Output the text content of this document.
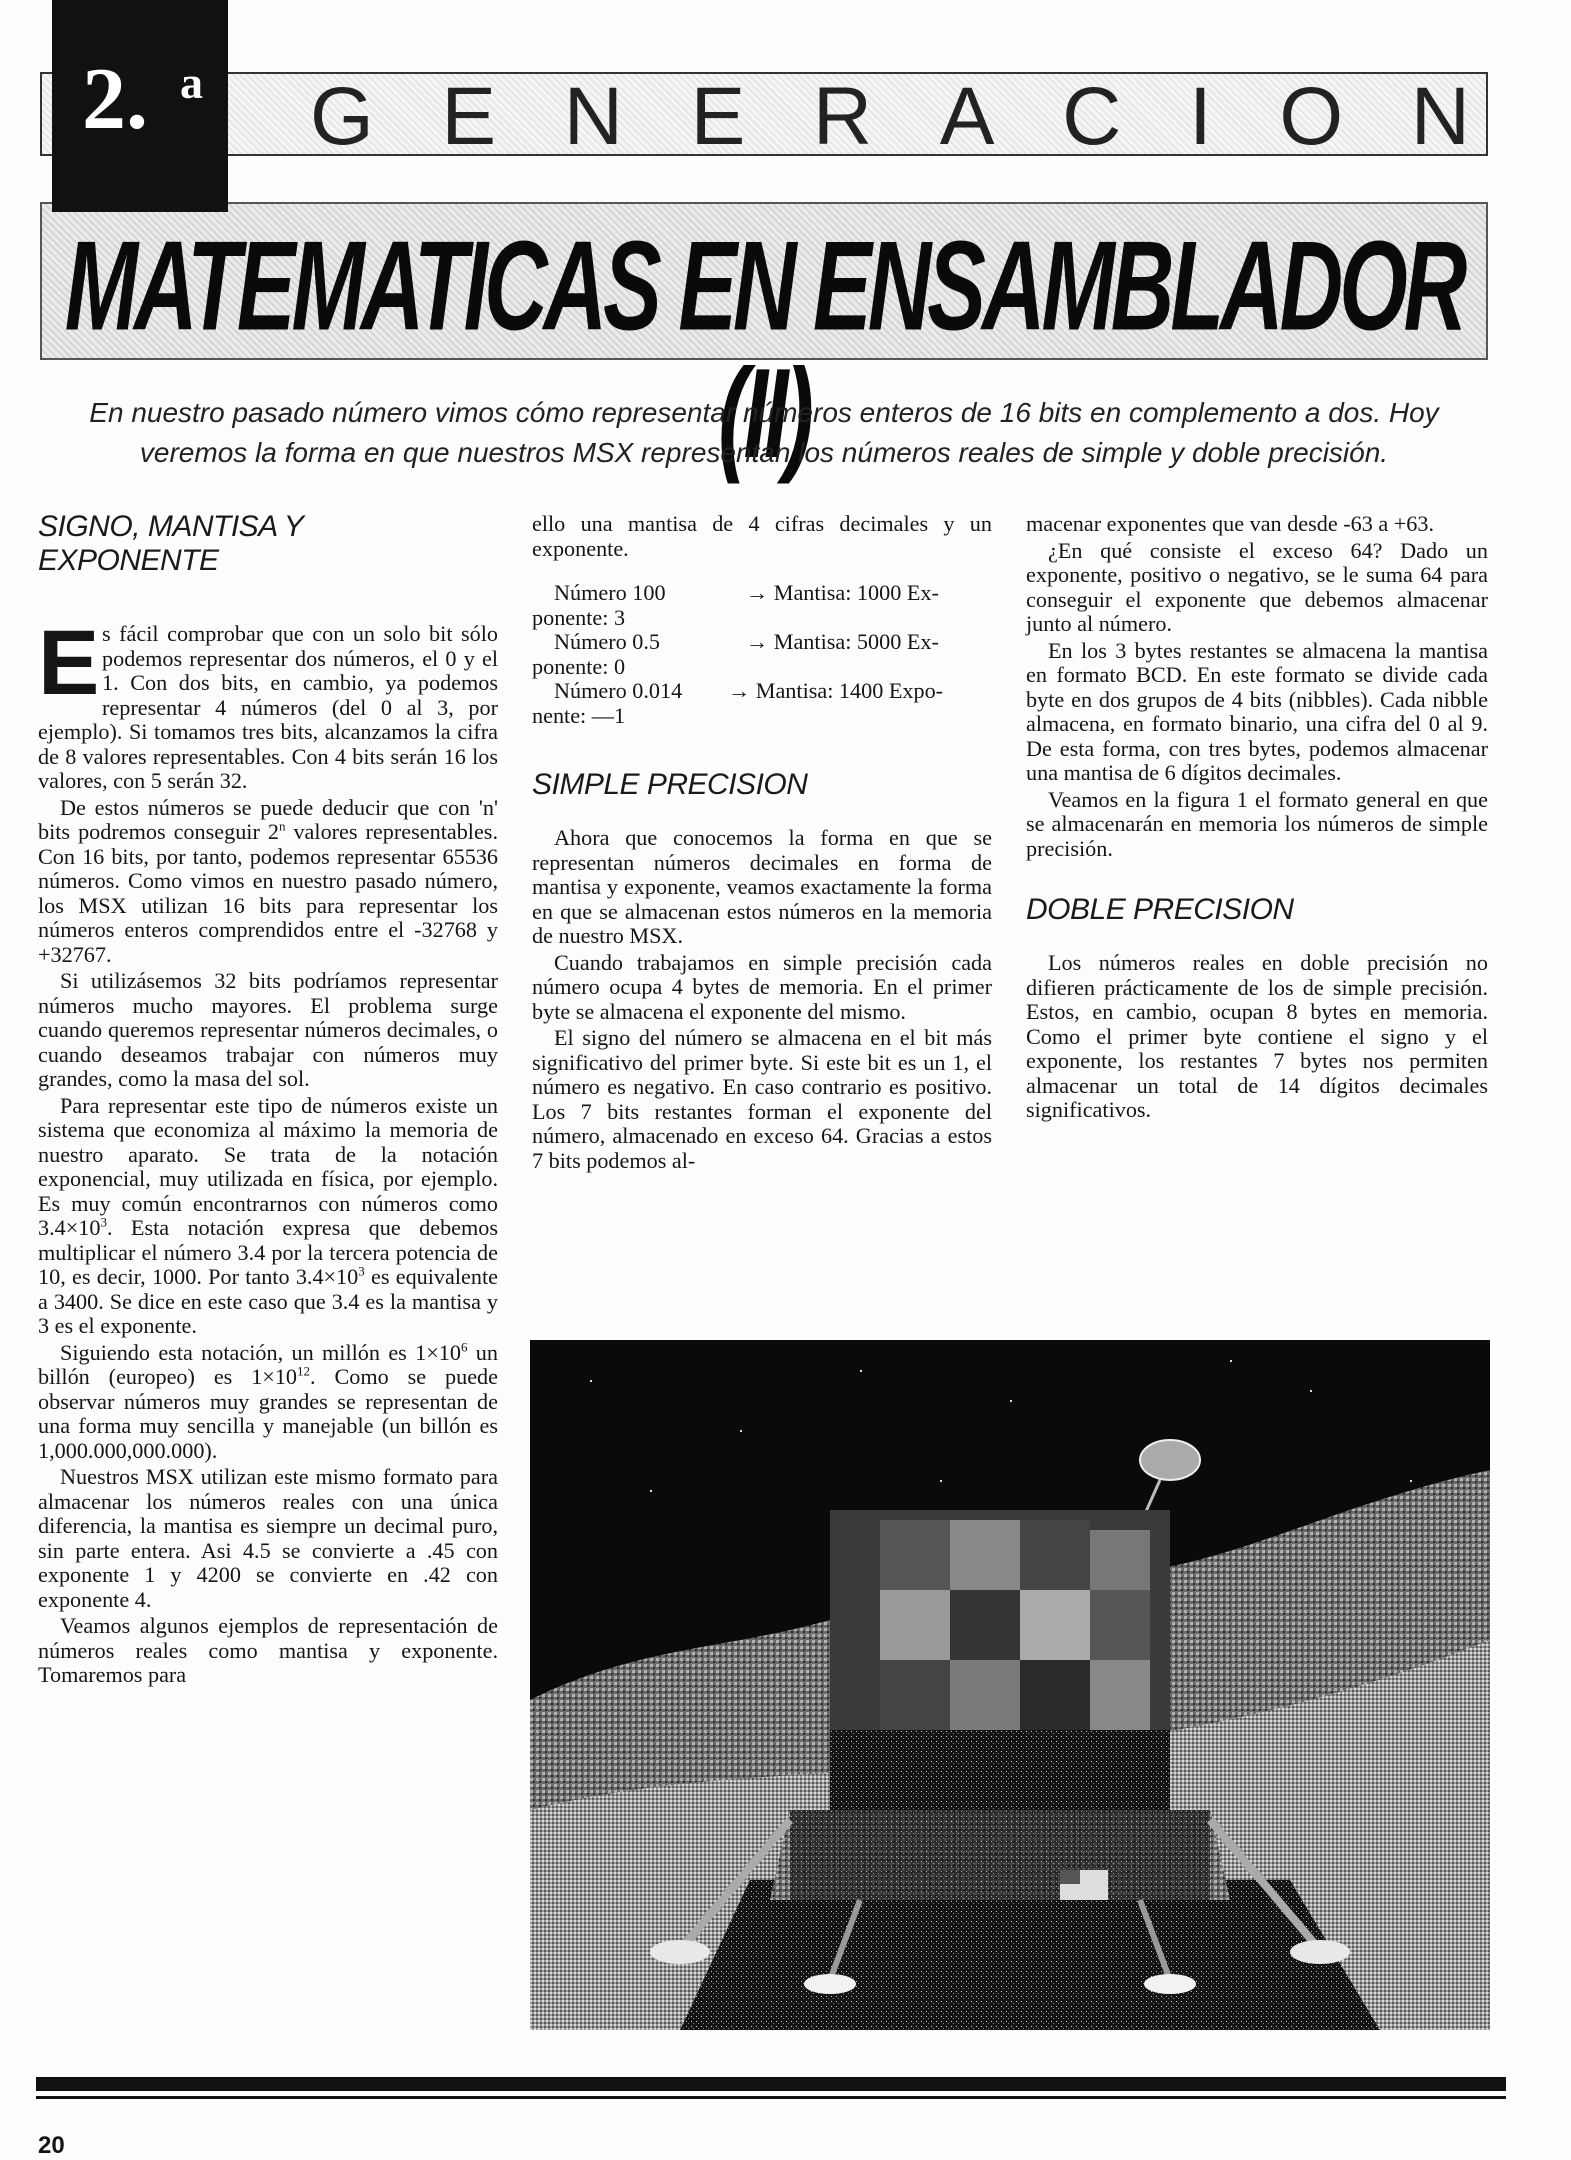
G E N E R A C I O N
2. a
MATEMATICAS EN ENSAMBLADOR (II)

En nuestro pasado número vimos cómo representar números enteros de 16 bits en complemento a dos. Hoy veremos la forma en que nuestros MSX representan los números reales de simple y doble precisión.

SIGNO, MANTISA Y
EXPONENTE

Es fácil comprobar que con un solo bit sólo podemos representar dos números, el 0 y el 1. Con dos bits, en cambio, ya podemos representar 4 números (del 0 al 3, por ejemplo). Si tomamos tres bits, alcanzamos la cifra de 8 valores representables. Con 4 bits serán 16 los valores, con 5 serán 32.

De estos números se puede deducir que con 'n' bits podremos conseguir 2$^n$ valores representables. Con 16 bits, por tanto, podemos representar 65536 números. Como vimos en nuestro pasado número, los MSX utilizan 16 bits para representar los números enteros comprendidos entre el -32768 y +32767.

Si utilizásemos 32 bits podríamos representar números mucho mayores. El problema surge cuando queremos representar números decimales, o cuando deseamos trabajar con números muy grandes, como la masa del sol.

Para representar este tipo de números existe un sistema que economiza al máximo la memoria de nuestro aparato. Se trata de la notación exponencial, muy utilizada en física, por ejemplo. Es muy común encontrarnos con números como $3.4\times 10^3$. Esta notación expresa que debemos multiplicar el número 3.4 por la tercera potencia de 10, es decir, 1000. Por tanto $3.4\times 10^3$ es equivalente a 3400. Se dice en este caso que 3.4 es la mantisa y 3 es el exponente.

Siguiendo esta notación, un millón es $1\times 10^6$ un billón (europeo) es $1\times 10^{12}$. Como se puede observar números muy grandes se representan de una forma muy sencilla y manejable (un billón es 1,000.000,000.000).

Nuestros MSX utilizan este mismo formato para almacenar los números reales con una única diferencia, la mantisa es siempre un decimal puro, sin parte entera. Asi 4.5 se convierte a .45 con exponente 1 y 4200 se convierte en .42 con exponente 4.

Veamos algunos ejemplos de representación de números reales como mantisa y exponente. Tomaremos para

ello una mantisa de 4 cifras decimales y un exponente.

Número 100	→ Mantisa: 1000 Ex-
ponente: 3
Número 0.5	→ Mantisa: 5000 Ex-
ponente: 0
Número 0.014	→ Mantisa: 1400 Expo-
nente: —1
SIMPLE PRECISION

Ahora que conocemos la forma en que se representan números decimales en forma de mantisa y exponente, veamos exactamente la forma en que se almacenan estos números en la memoria de nuestro MSX.

Cuando trabajamos en simple precisión cada número ocupa 4 bytes de memoria. En el primer byte se almacena el exponente del mismo.

El signo del número se almacena en el bit más significativo del primer byte. Si este bit es un 1, el número es negativo. En caso contrario es positivo. Los 7 bits restantes forman el exponente del número, almacenado en exceso 64. Gracias a estos 7 bits podemos al-

macenar exponentes que van desde -63 a +63.

¿En qué consiste el exceso 64? Dado un exponente, positivo o negativo, se le suma 64 para conseguir el exponente que debemos almacenar junto al número.

En los 3 bytes restantes se almacena la mantisa en formato BCD. En este formato se divide cada byte en dos grupos de 4 bits (nibbles). Cada nibble almacena, en formato binario, una cifra del 0 al 9. De esta forma, con tres bytes, podemos almacenar una mantisa de 6 dígitos decimales.

Veamos en la figura 1 el formato general en que se almacenarán en memoria los números de simple precisión.

DOBLE PRECISION

Los números reales en doble precisión no difieren prácticamente de los de simple precisión. Estos, en cambio, ocupan 8 bytes en memoria. Como el primer byte contiene el signo y el exponente, los restantes 7 bytes nos permiten almacenar un total de 14 dígitos decimales significativos.

20
